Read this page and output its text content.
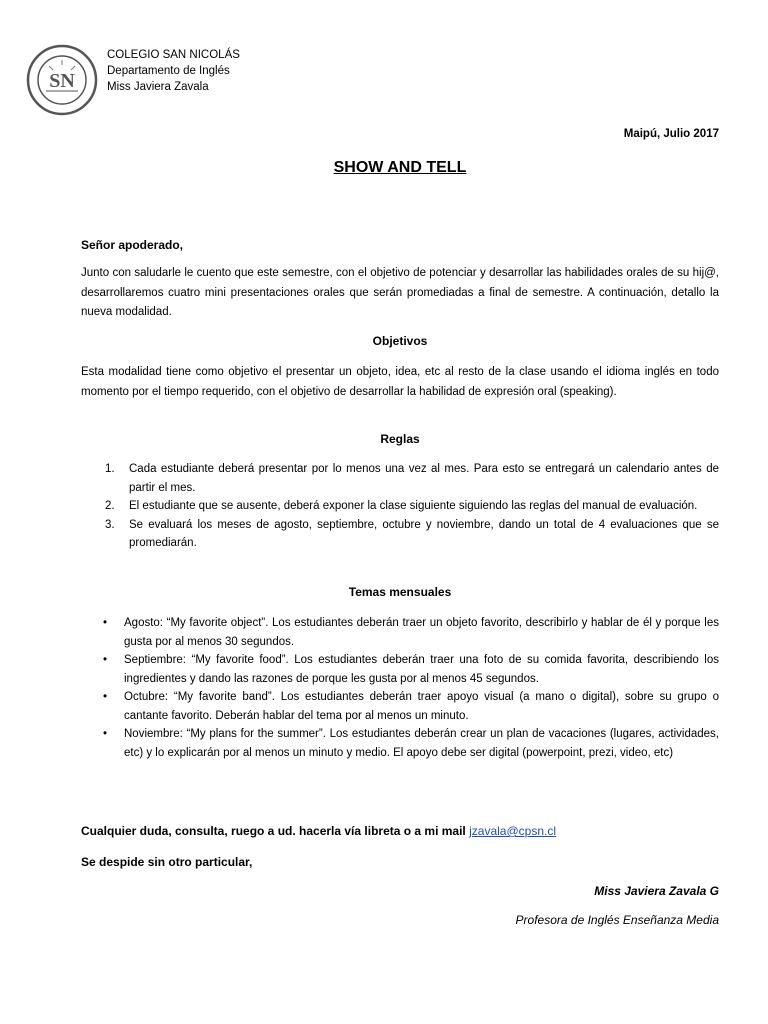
SN
COLEGIO SAN NICOLÁS
Departamento de Inglés
Miss Javiera Zavala
Maipú, Julio 2017
SHOW AND TELL
Señor apoderado,
Junto con saludarle le cuento que este semestre, con el objetivo de potenciar y desarrollar las habilidades orales de su hij@, desarrollaremos cuatro mini presentaciones orales que serán promediadas a final de semestre. A continuación, detallo la nueva modalidad.
Objetivos
Esta modalidad tiene como objetivo el presentar un objeto, idea, etc al resto de la clase usando el idioma inglés en todo momento por el tiempo requerido, con el objetivo de desarrollar la habilidad de expresión oral (speaking).
Reglas
1. Cada estudiante deberá presentar por lo menos una vez al mes. Para esto se entregará un calendario antes de partir el mes.
2. El estudiante que se ausente, deberá exponer la clase siguiente siguiendo las reglas del manual de evaluación.
3. Se evaluará los meses de agosto, septiembre, octubre y noviembre, dando un total de 4 evaluaciones que se promediarán.
Temas mensuales
• Agosto: “My favorite object”. Los estudiantes deberán traer un objeto favorito, describirlo y hablar de él y porque les gusta por al menos 30 segundos.
• Septiembre: “My favorite food”. Los estudiantes deberán traer una foto de su comida favorita, describiendo los ingredientes y dando las razones de porque les gusta por al menos 45 segundos.
• Octubre: “My favorite band”. Los estudiantes deberán traer apoyo visual (a mano o digital), sobre su grupo o cantante favorito. Deberán hablar del tema por al menos un minuto.
• Noviembre: “My plans for the summer”. Los estudiantes deberán crear un plan de vacaciones (lugares, actividades, etc) y lo explicarán por al menos un minuto y medio. El apoyo debe ser digital (powerpoint, prezi, video, etc)
Cualquier duda, consulta, ruego a ud. hacerla vía libreta o a mi mail jzavala@cpsn.cl
Se despide sin otro particular,
Miss Javiera Zavala G
Profesora de Inglés Enseñanza Media
